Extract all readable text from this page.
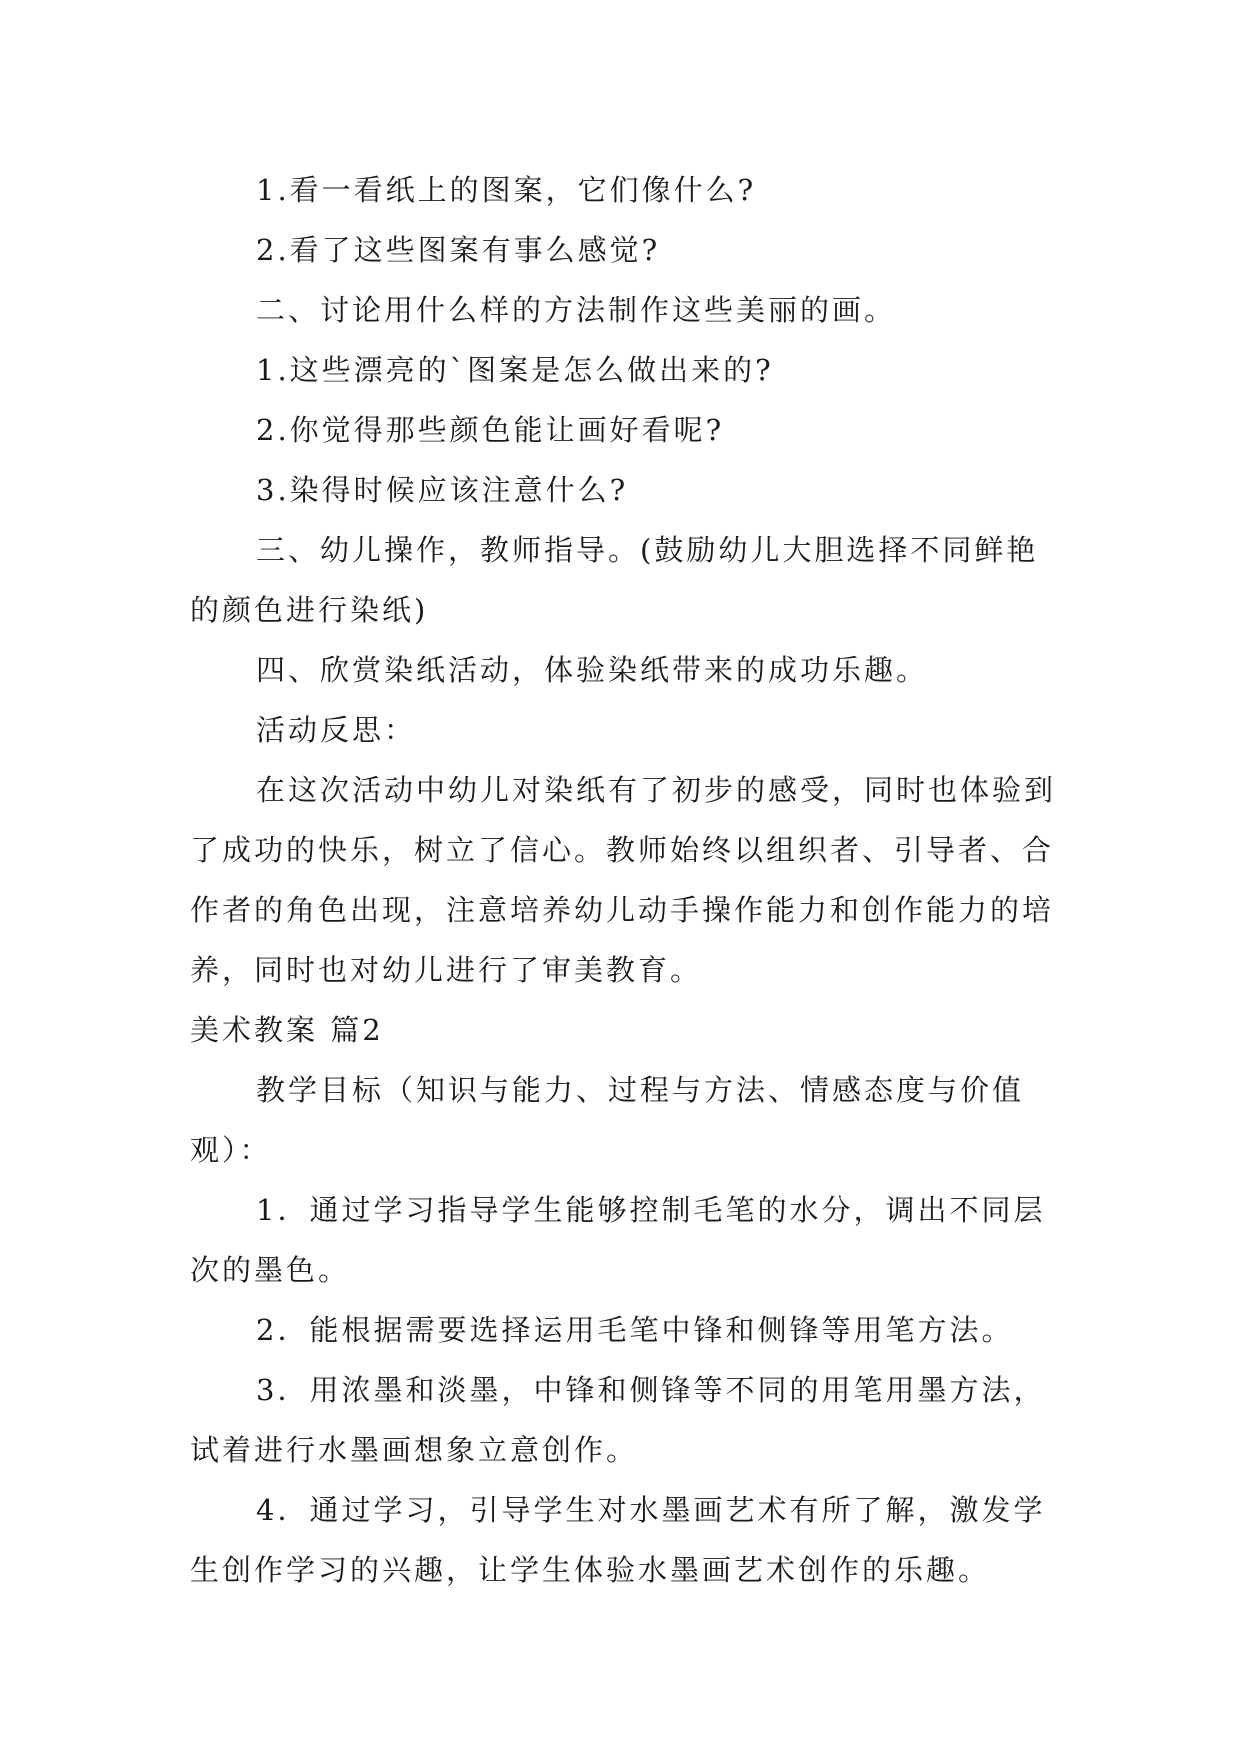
1.看一看纸上的图案，它们像什么?

2.看了这些图案有事么感觉?

二、讨论用什么样的方法制作这些美丽的画。

1.这些漂亮的`图案是怎么做出来的?

2.你觉得那些颜色能让画好看呢?

3.染得时候应该注意什么?

三、幼儿操作，教师指导。(鼓励幼儿大胆选择不同鲜艳的颜色进行染纸)

四、欣赏染纸活动，体验染纸带来的成功乐趣。

活动反思：

在这次活动中幼儿对染纸有了初步的感受，同时也体验到了成功的快乐，树立了信心。教师始终以组织者、引导者、合作者的角色出现，注意培养幼儿动手操作能力和创作能力的培养，同时也对幼儿进行了审美教育。

美术教案 篇2

教学目标（知识与能力、过程与方法、情感态度与价值观）：

1．通过学习指导学生能够控制毛笔的水分，调出不同层次的墨色。

2．能根据需要选择运用毛笔中锋和侧锋等用笔方法。

3．用浓墨和淡墨，中锋和侧锋等不同的用笔用墨方法，试着进行水墨画想象立意创作。

4．通过学习，引导学生对水墨画艺术有所了解，激发学生创作学习的兴趣，让学生体验水墨画艺术创作的乐趣。
